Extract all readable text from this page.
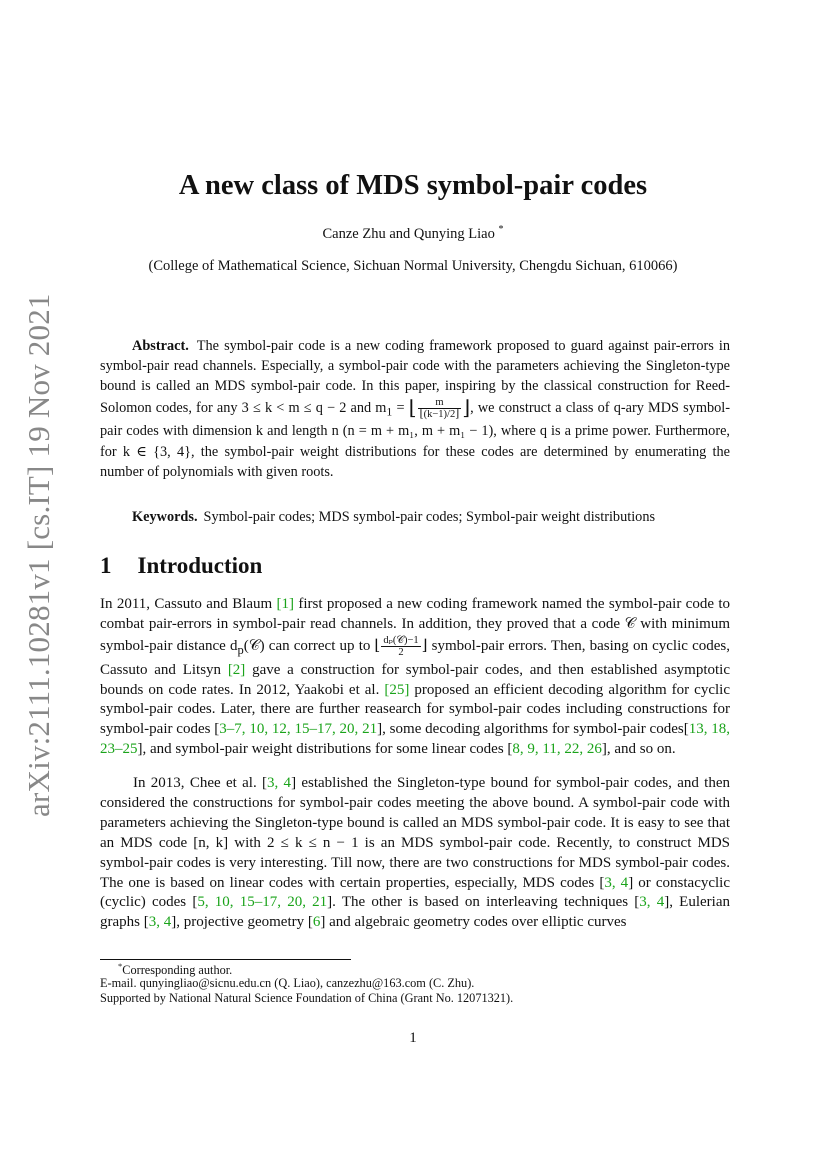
arXiv:2111.10281v1 [cs.IT] 19 Nov 2021
A new class of MDS symbol-pair codes
Canze Zhu and Qunying Liao *
(College of Mathematical Science, Sichuan Normal University, Chengdu Sichuan, 610066)
Abstract. The symbol-pair code is a new coding framework proposed to guard against pair-errors in symbol-pair read channels. Especially, a symbol-pair code with the parameters achieving the Singleton-type bound is called an MDS symbol-pair code. In this paper, inspiring by the classical construction for Reed-Solomon codes, for any 3 ≤ k < m ≤ q − 2 and $m_1$ = ⌊ $\frac{m}{⌊(k-1)/2⌋}$ ⌋, we construct a class of q-ary MDS symbol-pair codes with dimension k and length n (n = m + m₁, m + m₁ − 1), where q is a prime power. Furthermore, for k ∈ {3, 4}, the symbol-pair weight distributions for these codes are determined by enumerating the number of polynomials with given roots.
Keywords. Symbol-pair codes; MDS symbol-pair codes; Symbol-pair weight distributions
1 Introduction
In 2011, Cassuto and Blaum [1] first proposed a new coding framework named the symbol-pair code to combat pair-errors in symbol-pair read channels. In addition, they proved that a code 𝒞 with minimum symbol-pair distance $d_p(𝒞)$ can correct up to ⌊ $\frac{\text{dₚ(𝒞)−1}}{2}$ ⌋ symbol-pair errors. Then, basing on cyclic codes, Cassuto and Litsyn [2] gave a construction for symbol-pair codes, and then established asymptotic bounds on code rates. In 2012, Yaakobi et al. [25] proposed an efficient decoding algorithm for cyclic symbol-pair codes. Later, there are further reasearch for symbol-pair codes including constructions for symbol-pair codes [3–7, 10, 12, 15–17, 20, 21], some decoding algorithms for symbol-pair codes[13, 18, 23–25], and symbol-pair weight distributions for some linear codes [8, 9, 11, 22, 26], and so on.
In 2013, Chee et al. [3, 4] established the Singleton-type bound for symbol-pair codes, and then considered the constructions for symbol-pair codes meeting the above bound. A symbol-pair code with parameters achieving the Singleton-type bound is called an MDS symbol-pair code. It is easy to see that an MDS code [n, k] with 2 ≤ k ≤ n − 1 is an MDS symbol-pair code. Recently, to construct MDS symbol-pair codes is very interesting. Till now, there are two constructions for MDS symbol-pair codes. The one is based on linear codes with certain properties, especially, MDS codes [3, 4] or constacyclic (cyclic) codes [5, 10, 15–17, 20, 21]. The other is based on interleaving techniques [3, 4], Eulerian graphs [3, 4], projective geometry [6] and algebraic geometry codes over elliptic curves
*Corresponding author.
E-mail. qunyingliao@sicnu.edu.cn (Q. Liao), canzezhu@163.com (C. Zhu).
Supported by National Natural Science Foundation of China (Grant No. 12071321).
1
